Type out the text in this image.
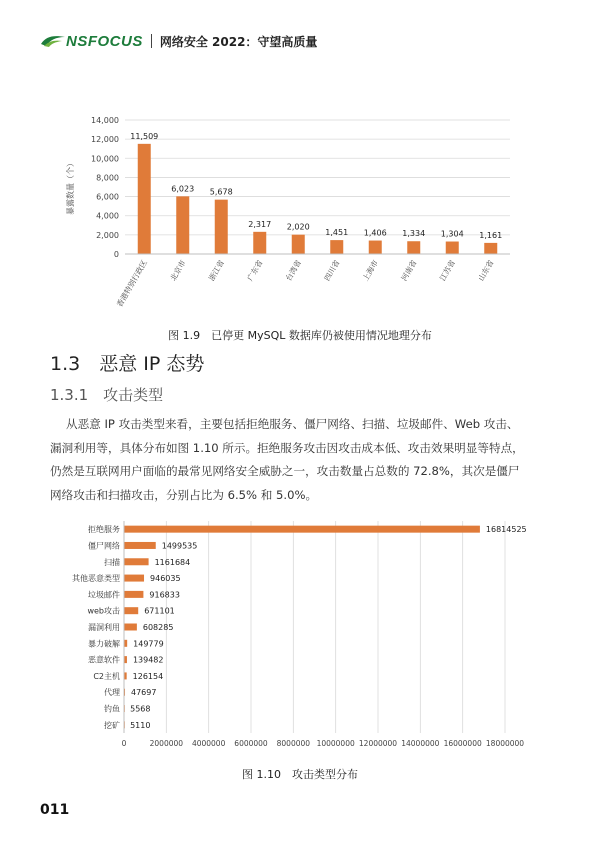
NSFOCUS 网络安全 2022：守望高质量
0
2,000
4,000
6,000
8,000
10,000
12,000
14,000
暴露数量（个）
11,509
香港特别行政区
6,023
北京市
5,678
浙江省
2,317
广东省
2,020
台湾省
1,451
四川省
1,406
上海市
1,334
河南省
1,304
江苏省
1,161
山东省
图 1.9　已停更 MySQL 数据库仍被使用情况地理分布
1.3　恶意 IP 态势
1.3.1　攻击类型
从恶意 IP 攻击类型来看，主要包括拒绝服务、僵尸网络、扫描、垃圾邮件、Web 攻击、
漏洞利用等，具体分布如图 1.10 所示。拒绝服务攻击因攻击成本低、攻击效果明显等特点，
仍然是互联网用户面临的最常见网络安全威胁之一，攻击数量占总数的 72.8%，其次是僵尸
网络攻击和扫描攻击，分别占比为 6.5% 和 5.0%。
0	2000000 4000000 6000000 8000000 10000000 12000000 14000000 16000000 18000000
拒绝服务	16814525
僵尸网络	1499535
扫描	1161684
其他恶意类型	946035
垃圾邮件	916833
web攻击	671101
漏洞利用	608285
暴力破解 149779
恶意软件 139482
C2主机 126154
代理 47697
钓鱼 5568
挖矿 5110
图 1.10　攻击类型分布
011
